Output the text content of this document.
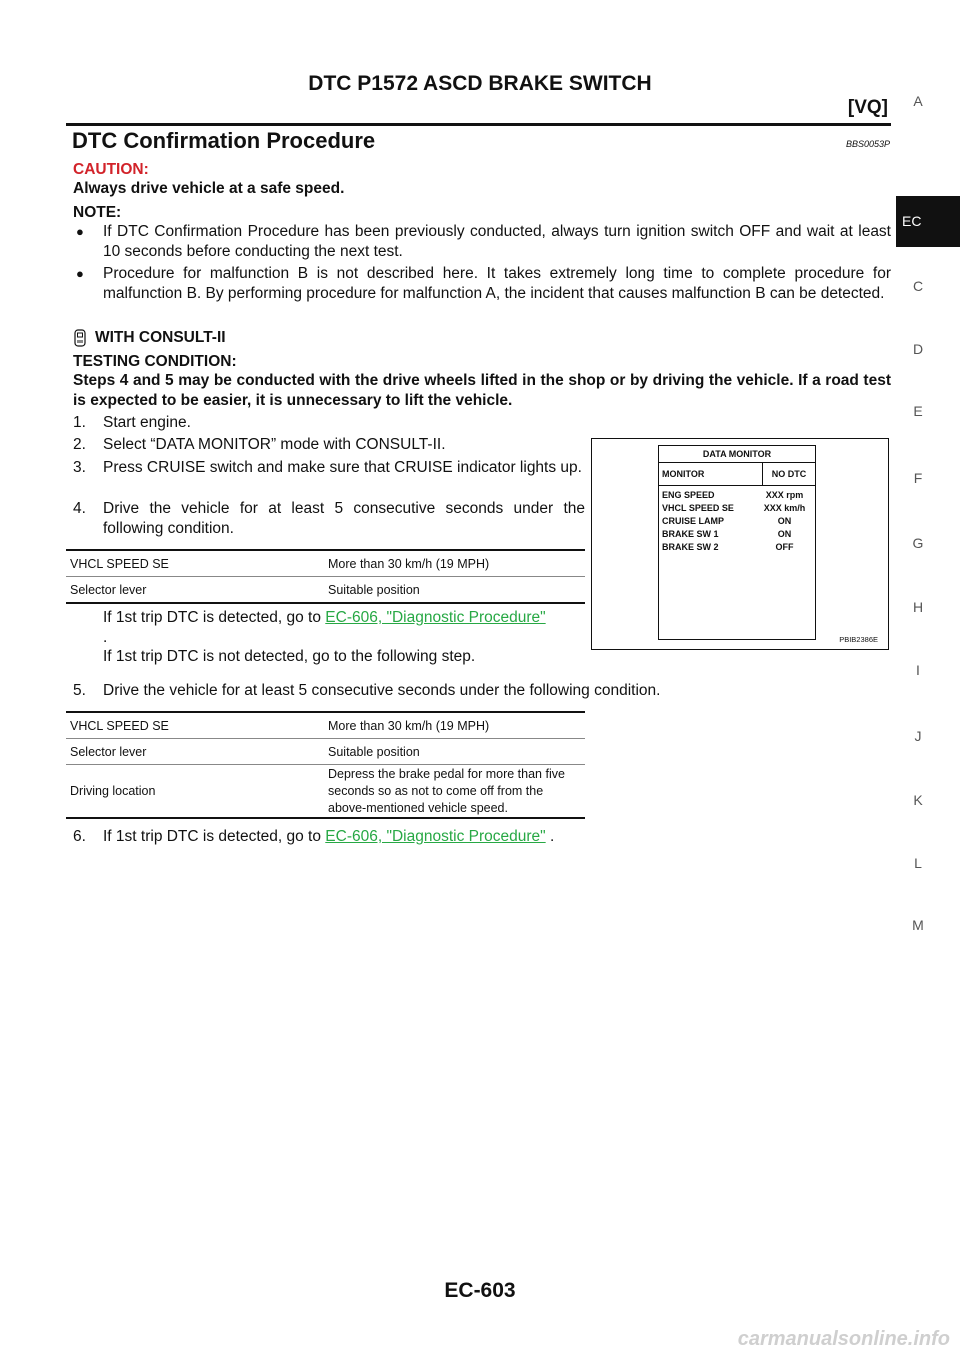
DTC P1572 ASCD BRAKE SWITCH
[VQ]
DTC Confirmation Procedure	BBS0053P
CAUTION:
Always drive vehicle at a safe speed.
NOTE:
● If DTC Confirmation Procedure has been previously conducted, always turn ignition switch OFF and wait at least 10 seconds before conducting the next test.
● Procedure for malfunction B is not described here. It takes extremely long time to complete procedure for malfunction B. By performing procedure for malfunction A, the incident that causes malfunction B can be detected.
WITH CONSULT-II
TESTING CONDITION:
Steps 4 and 5 may be conducted with the drive wheels lifted in the shop or by driving the vehicle. If a road test is expected to be easier, it is unnecessary to lift the vehicle.
1. Start engine.
2. Select “DATA MONITOR” mode with CONSULT-II.
3. Press CRUISE switch and make sure that CRUISE indicator lights up.
4. Drive the vehicle for at least 5 consecutive seconds under the following condition.
VHCL SPEED SE	More than 30 km/h (19 MPH)
Selector lever	Suitable position
If 1st trip DTC is detected, go to EC-606, "Diagnostic Procedure"
.
If 1st trip DTC is not detected, go to the following step.
DATA MONITOR
MONITOR	NO DTC
ENG SPEED	XXX rpm
VHCL SPEED SE	XXX km/h
CRUISE LAMP	ON
BRAKE SW 1	ON
BRAKE SW 2	OFF
PBIB2386E
5. Drive the vehicle for at least 5 consecutive seconds under the following condition.
VHCL SPEED SE	More than 30 km/h (19 MPH)
Selector lever	Suitable position
Driving location	Depress the brake pedal for more than five seconds so as not to come off from the above-mentioned vehicle speed.
6. If 1st trip DTC is detected, go to EC-606, "Diagnostic Procedure" .
A
EC
C
D
E
F
G
H
I
J
K
L
M
EC-603
carmanualsonline.info
